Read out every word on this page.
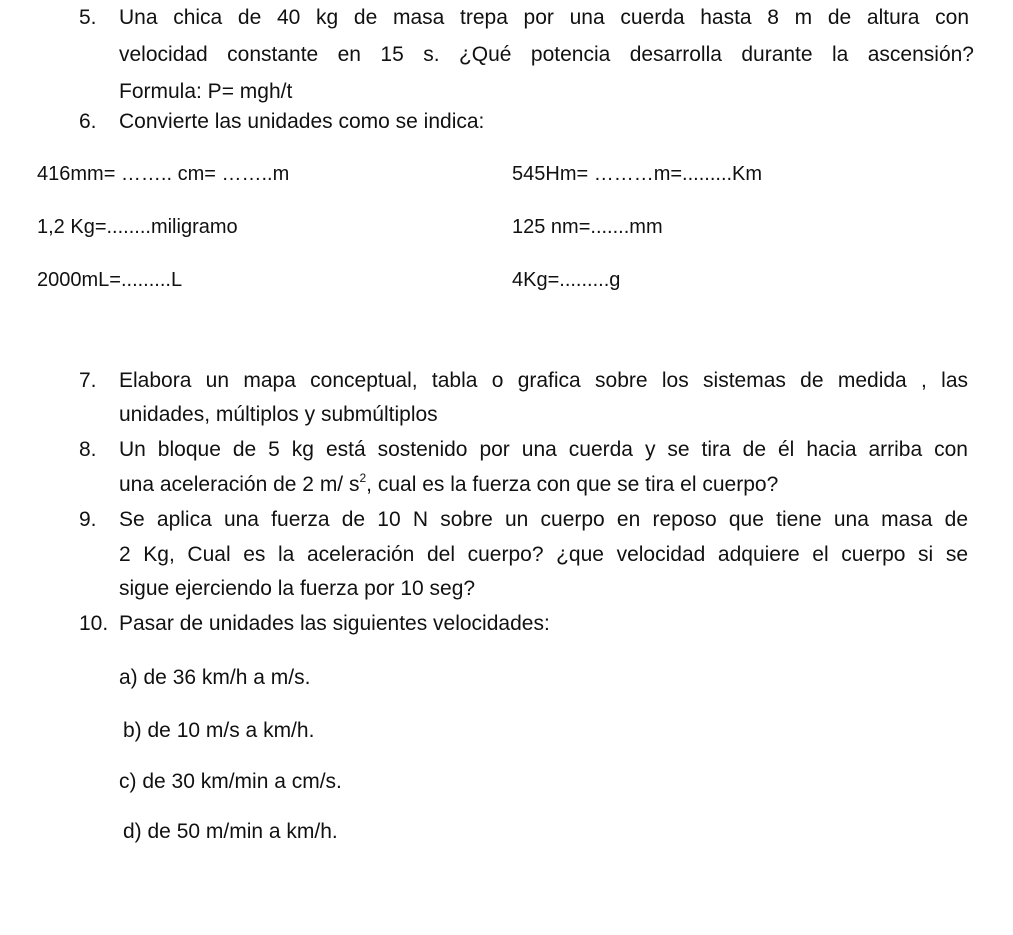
5. Una chica de 40 kg de masa trepa por una cuerda hasta 8 m de altura con
velocidad constante en 15 s. ¿Qué potencia desarrolla durante la ascensión?
Formula: P= mgh/t
6. Convierte las unidades como se indica:
416mm= …….. cm= ……..m	545Hm= ………m=.........Km
1,2 Kg=........miligramo	125 nm=.......mm
2000mL=.........L	4Kg=.........g
7. Elabora un mapa conceptual, tabla o grafica sobre los sistemas de medida , las
unidades, múltiplos y submúltiplos
8. Un bloque de 5 kg está sostenido por una cuerda y se tira de él hacia arriba con
una aceleración de 2 m/ $s^2$, cual es la fuerza con que se tira el cuerpo?
9. Se aplica una fuerza de 10 N sobre un cuerpo en reposo que tiene una masa de
2 Kg, Cual es la aceleración del cuerpo? ¿que velocidad adquiere el cuerpo si se
sigue ejerciendo la fuerza por 10 seg?
10. Pasar de unidades las siguientes velocidades:
a) de 36 km/h a m/s.
b) de 10 m/s a km/h.
c) de 30 km/min a cm/s.
d) de 50 m/min a km/h.
